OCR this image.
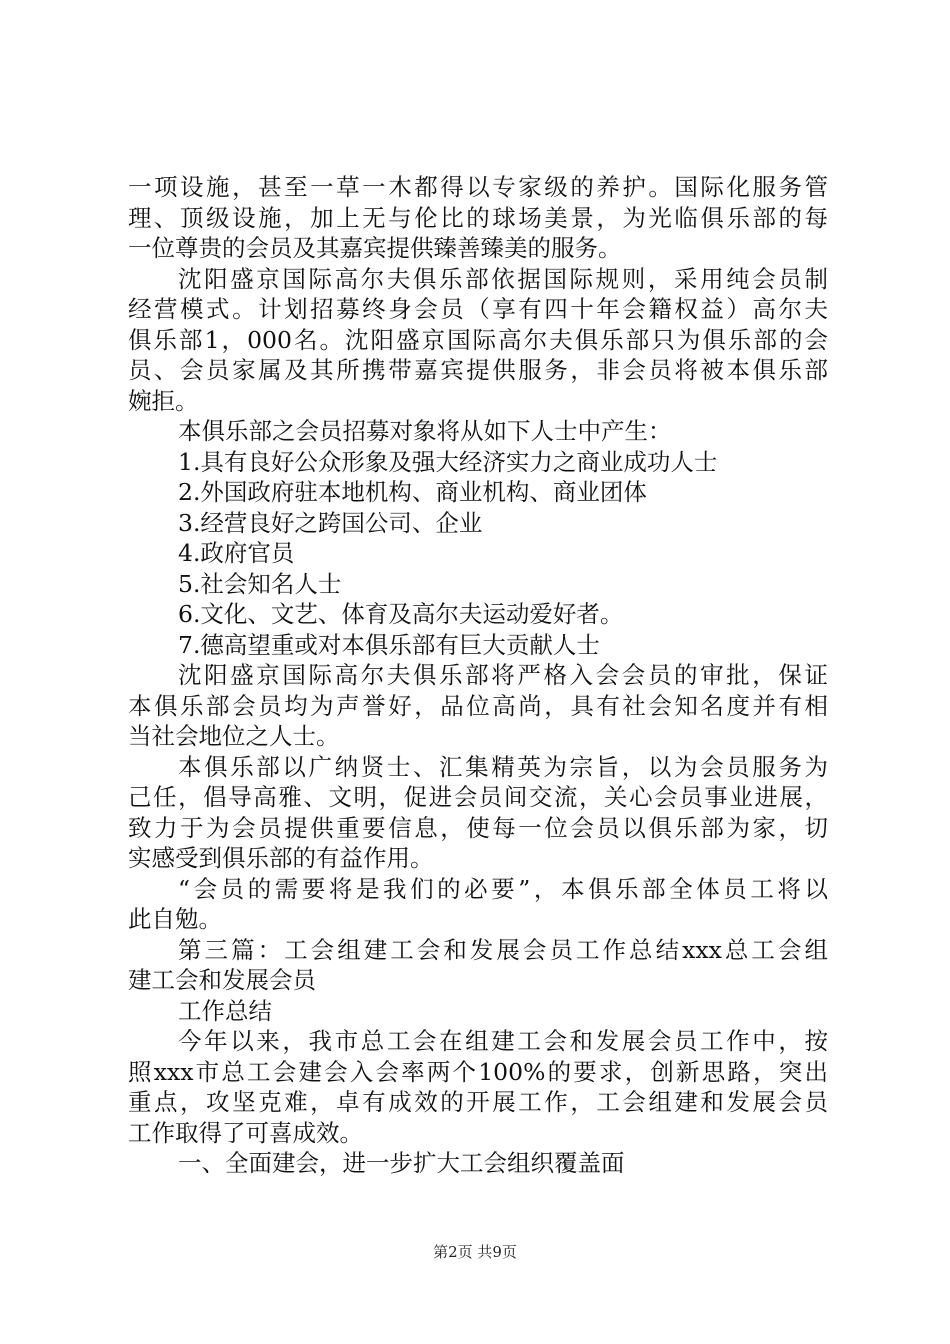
一项设施，甚至一草一木都得以专家级的养护。国际化服务管
理、顶级设施，加上无与伦比的球场美景，为光临俱乐部的每
一位尊贵的会员及其嘉宾提供臻善臻美的服务。
沈阳盛京国际高尔夫俱乐部依据国际规则，采用纯会员制
经营模式。计划招募终身会员（享有四十年会籍权益）高尔夫
俱乐部1，000名。沈阳盛京国际高尔夫俱乐部只为俱乐部的会
员、会员家属及其所携带嘉宾提供服务，非会员将被本俱乐部
婉拒。
本俱乐部之会员招募对象将从如下人士中产生：
1.具有良好公众形象及强大经济实力之商业成功人士
2.外国政府驻本地机构、商业机构、商业团体
3.经营良好之跨国公司、企业
4.政府官员
5.社会知名人士
6.文化、文艺、体育及高尔夫运动爱好者。
7.德高望重或对本俱乐部有巨大贡献人士
沈阳盛京国际高尔夫俱乐部将严格入会会员的审批，保证
本俱乐部会员均为声誉好，品位高尚，具有社会知名度并有相
当社会地位之人士。
本俱乐部以广纳贤士、汇集精英为宗旨，以为会员服务为
己任，倡导高雅、文明，促进会员间交流，关心会员事业进展，
致力于为会员提供重要信息，使每一位会员以俱乐部为家，切
实感受到俱乐部的有益作用。
“会员的需要将是我们的必要”，本俱乐部全体员工将以
此自勉。
第三篇：工会组建工会和发展会员工作总结xxx总工会组
建工会和发展会员
工作总结
今年以来，我市总工会在组建工会和发展会员工作中，按
照xxx市总工会建会入会率两个100%的要求，创新思路，突出
重点，攻坚克难，卓有成效的开展工作，工会组建和发展会员
工作取得了可喜成效。
一、全面建会，进一步扩大工会组织覆盖面
第2页 共9页
